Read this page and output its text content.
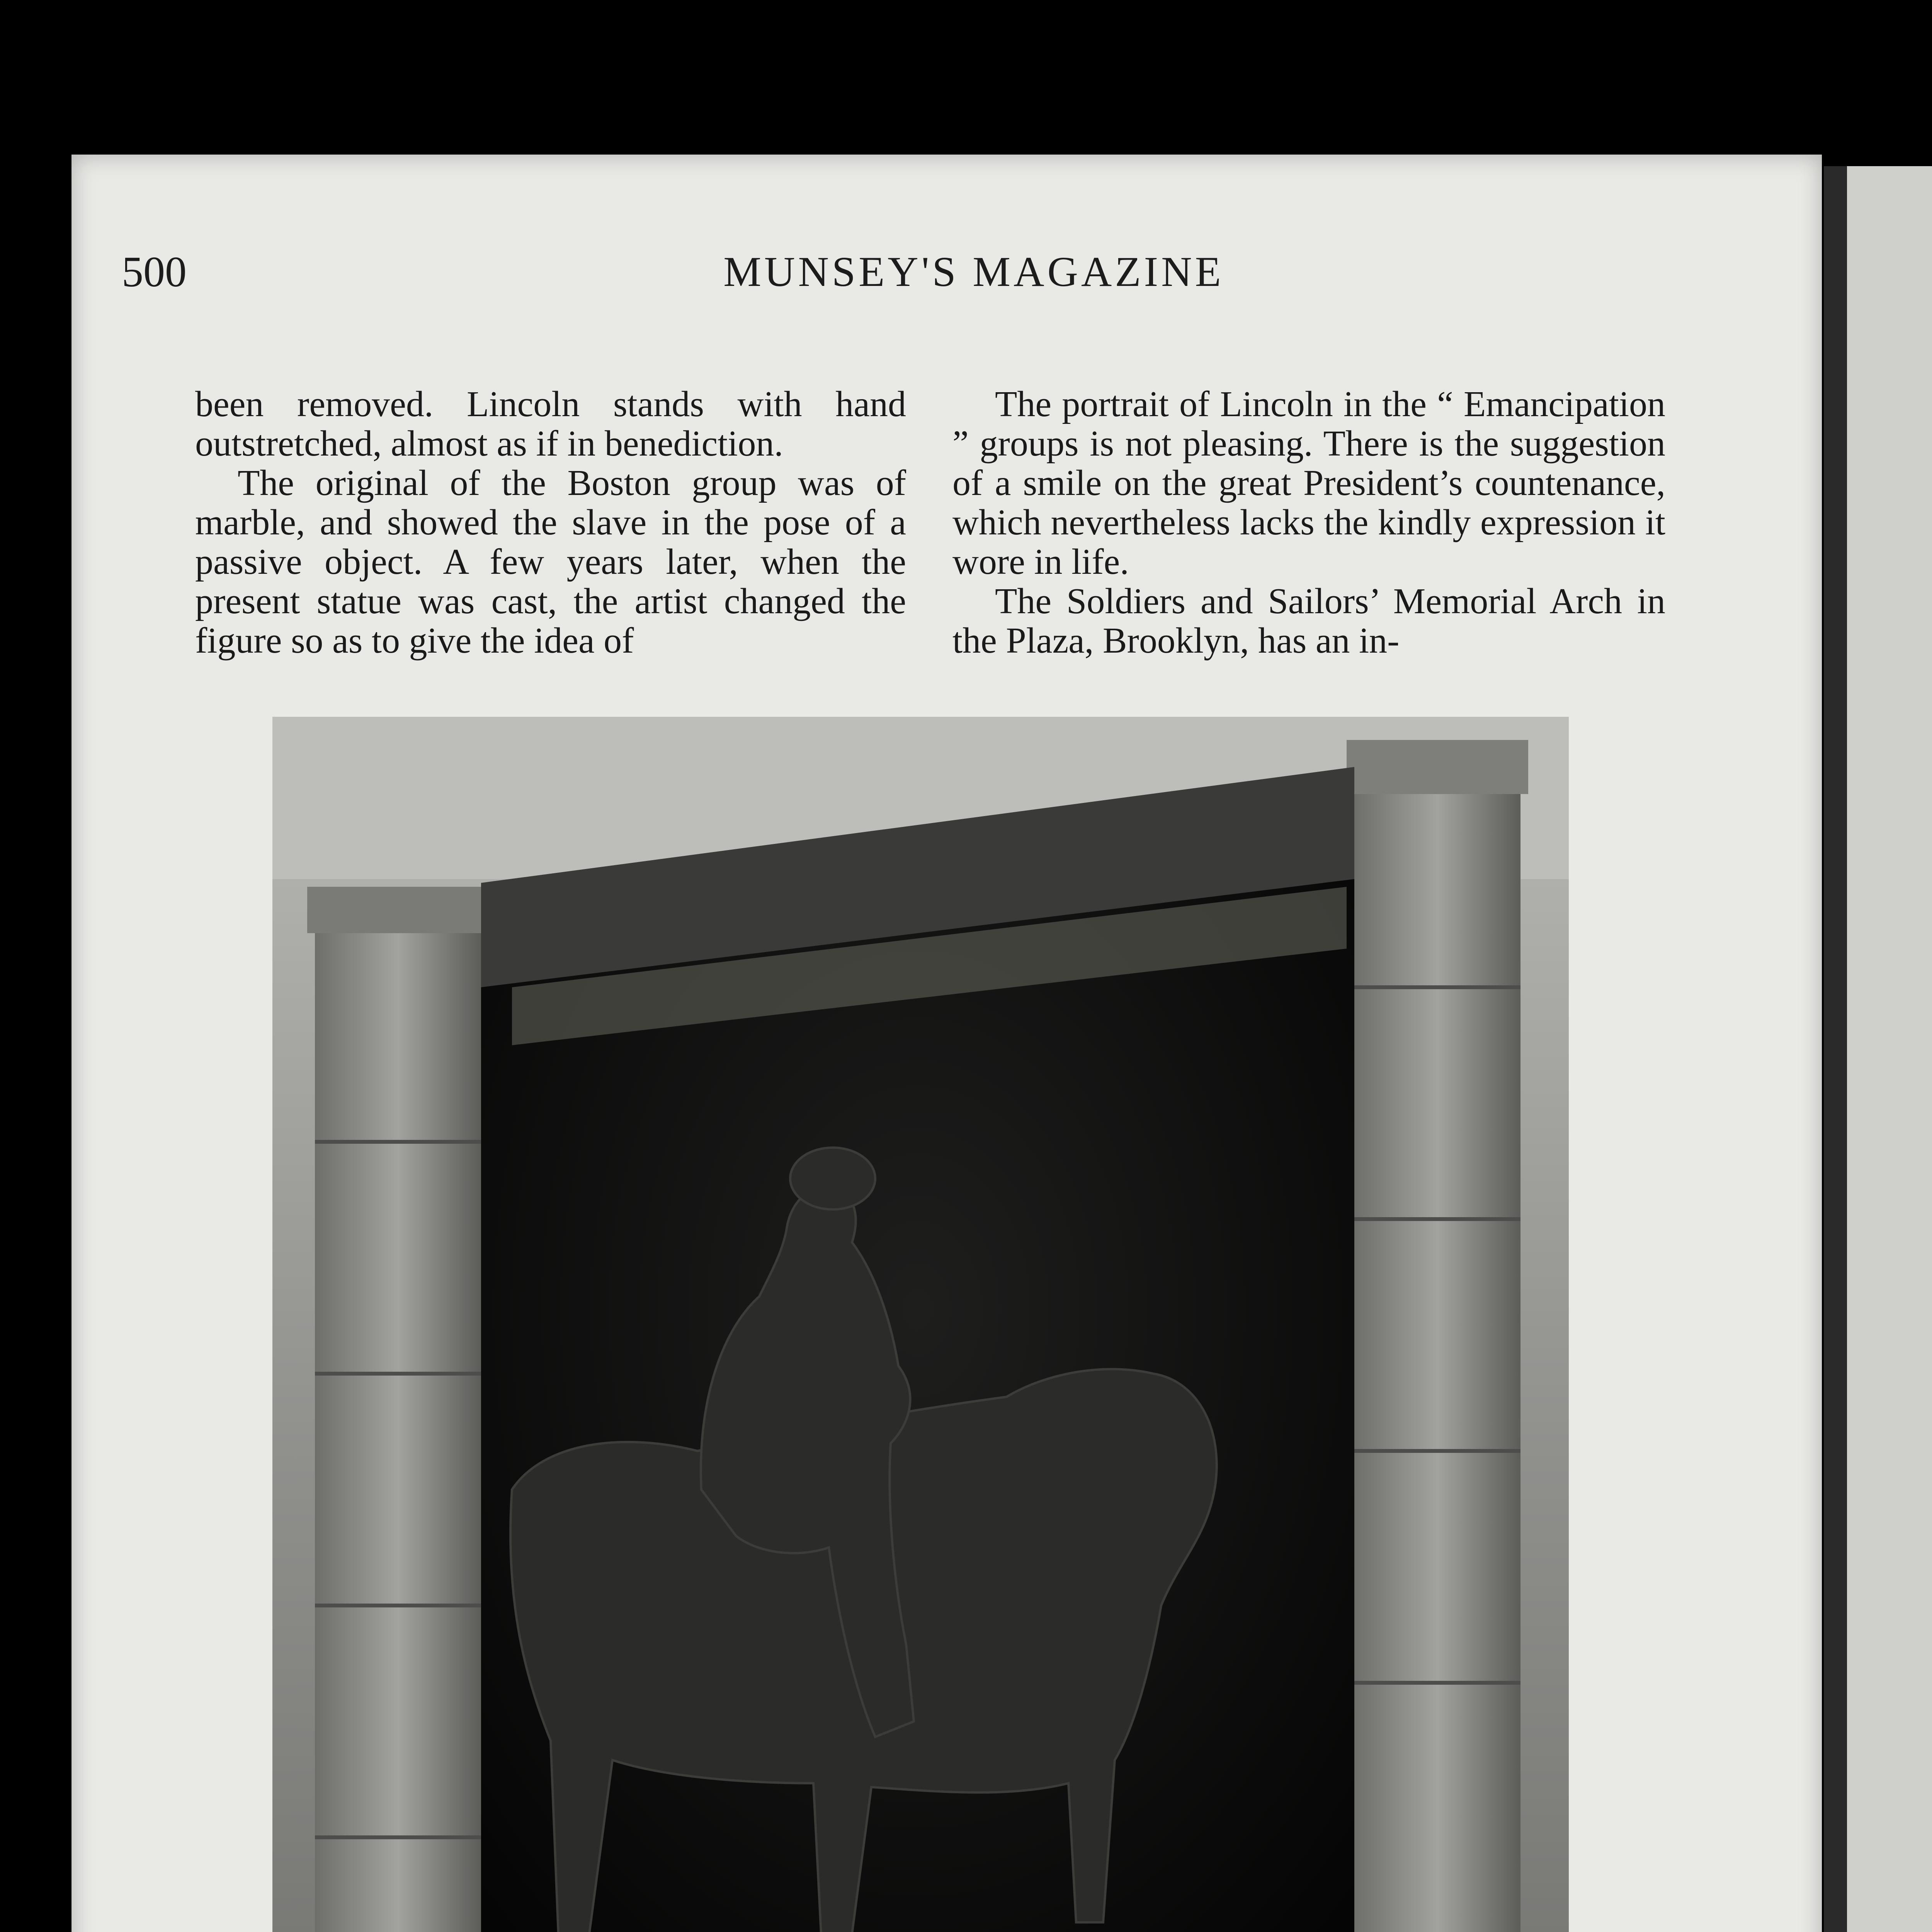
500	MUNSEY'S MAGAZINE

been removed. Lincoln stands with hand outstretched, almost as if in benediction.

The original of the Boston group was of marble, and showed the slave in the pose of a passive object. A few years later, when the present statue was cast, the artist changed the figure so as to give the idea of

The portrait of Lincoln in the “ Emancipation ” groups is not pleasing. There is the suggestion of a smile on the great President’s countenance, which nevertheless lacks the kindly expression it wore in life.

The Soldiers and Sailors’ Memorial Arch in the Plaza, Brooklyn, has an in-
